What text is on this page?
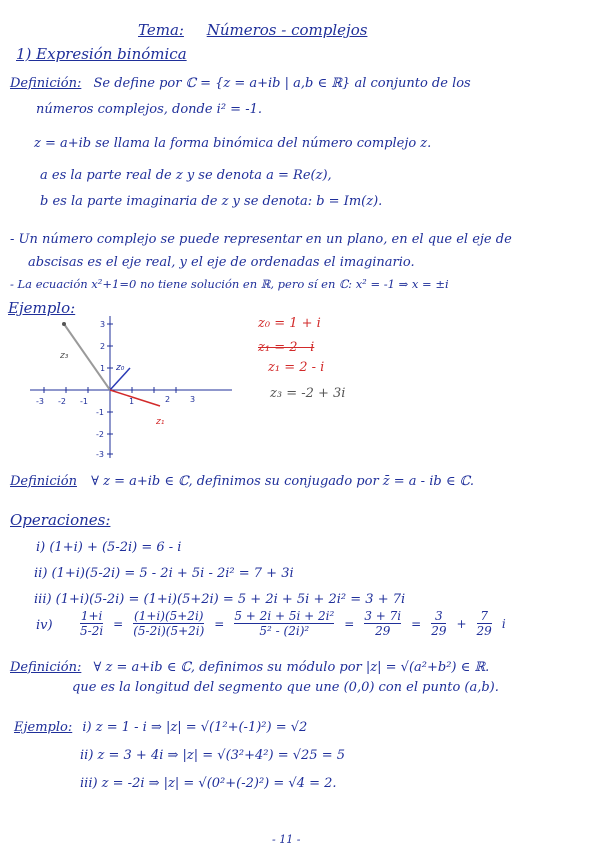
Tema: Números - complejos
1) Expresión binómica
Definición: Se define por ℂ = {z = a+ib | a,b ∈ ℝ} al conjunto de los
números complejos, donde i² = -1.
z = a+ib se llama la forma binómica del número complejo z.
a es la parte real de z y se denota a = Re(z),
b es la parte imaginaria de z y se denota: b = Im(z).
- Un número complejo se puede representar en un plano, en el que el eje de
abscisas es el eje real, y el eje de ordenadas el imaginario.
- La ecuación x²+1=0 no tiene solución en ℝ, pero sí en ℂ: x² = -1 ⇒ x = ±i
Ejemplo:
-3 -2 -1	1	2 3
3
2
1
-1
-2
-3
z₃
z₀
z₁
z₀ = 1 + i
z₁ = 2 - i
z₁ = 2 - i
z₃ = -2 + 3i
Definición ∀ z = a+ib ∈ ℂ, definimos su conjugado por z̄ = a - ib ∈ ℂ.
Operaciones:
i) (1+i) + (5-2i) = 6 - i
ii) (1+i)(5-2i) = 5 - 2i + 5i - 2i² = 7 + 3i
iii) (1+i)(5-2i) = (1+i)(5+2i) = 5 + 2i + 5i + 2i² = 3 + 7i
$iv) \frac{1+i}{5-2i} = \frac{(1+i)(5+2i)}{(5-2i)(5+2i)} = \frac{\text{5 + 2i + 5i + 2i²}}{\text{5² - (2i)²}} = \frac{3 + 7i}{29} = \frac{3}{29} + \frac{7}{29}$ i
Definición: ∀ z = a+ib ∈ ℂ, definimos su módulo por |z| = √(a²+b²) ∈ ℝ.
que es la longitud del segmento que une (0,0) con el punto (a,b).
Ejemplo: i) z = 1 - i ⇒ |z| = √(1²+(-1)²) = √2
ii) z = 3 + 4i ⇒ |z| = √(3²+4²) = √25 = 5
iii) z = -2i ⇒ |z| = √(0²+(-2)²) = √4 = 2.
- 11 -
